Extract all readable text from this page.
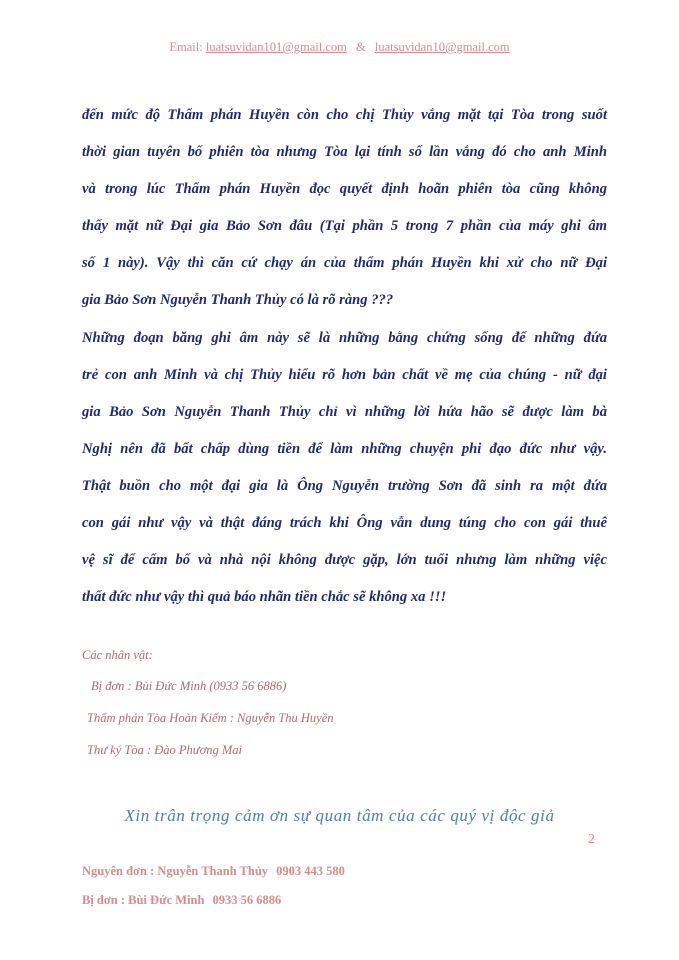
Email: luatsuvidan101@gmail.com & luatsuvidan10@gmail.com

đến mức độ Thẩm phán Huyền còn cho chị Thủy vắng mặt tại Tòa trong suốt
thời gian tuyên bố phiên tòa nhưng Tòa lại tính số lần vắng đó cho anh Minh
và trong lúc Thẩm phán Huyền đọc quyết định hoãn phiên tòa cũng không
thấy mặt nữ Đại gia Bảo Sơn đâu (Tại phần 5 trong 7 phần của máy ghi âm
số 1 này). Vậy thì căn cứ chạy án của thẩm phán Huyền khi xử cho nữ Đại
gia Bảo Sơn Nguyễn Thanh Thủy có là rõ ràng ???

Những đoạn băng ghi âm này sẽ là những bằng chứng sống để những đứa
trẻ con anh Minh và chị Thủy hiểu rõ hơn bản chất về mẹ của chúng - nữ đại
gia Bảo Sơn Nguyễn Thanh Thủy chỉ vì những lời hứa hão sẽ được làm bà
Nghị nên đã bất chấp dùng tiền để làm những chuyện phi đạo đức như vậy.
Thật buồn cho một đại gia là Ông Nguyễn trường Sơn đã sinh ra một đứa
con gái như vậy và thật đáng trách khi Ông vẫn dung túng cho con gái thuê
vệ sĩ để cấm bố và nhà nội không được gặp, lớn tuổi nhưng làm những việc
thất đức như vậy thì quả báo nhãn tiền chắc sẽ không xa !!!

Các nhân vật:
Bị đơn : Bùi Đức Minh (0933 56 6886)
Thẩm phán Tòa Hoàn Kiếm : Nguyễn Thu Huyền
Thư ký Tòa : Đào Phương Mai
Xin trân trọng cảm ơn sự quan tâm của các quý vị độc giả
2
Nguyên đơn : Nguyễn Thanh Thủy 0903 443 580
Bị đơn : Bùi Đức Minh 0933 56 6886
